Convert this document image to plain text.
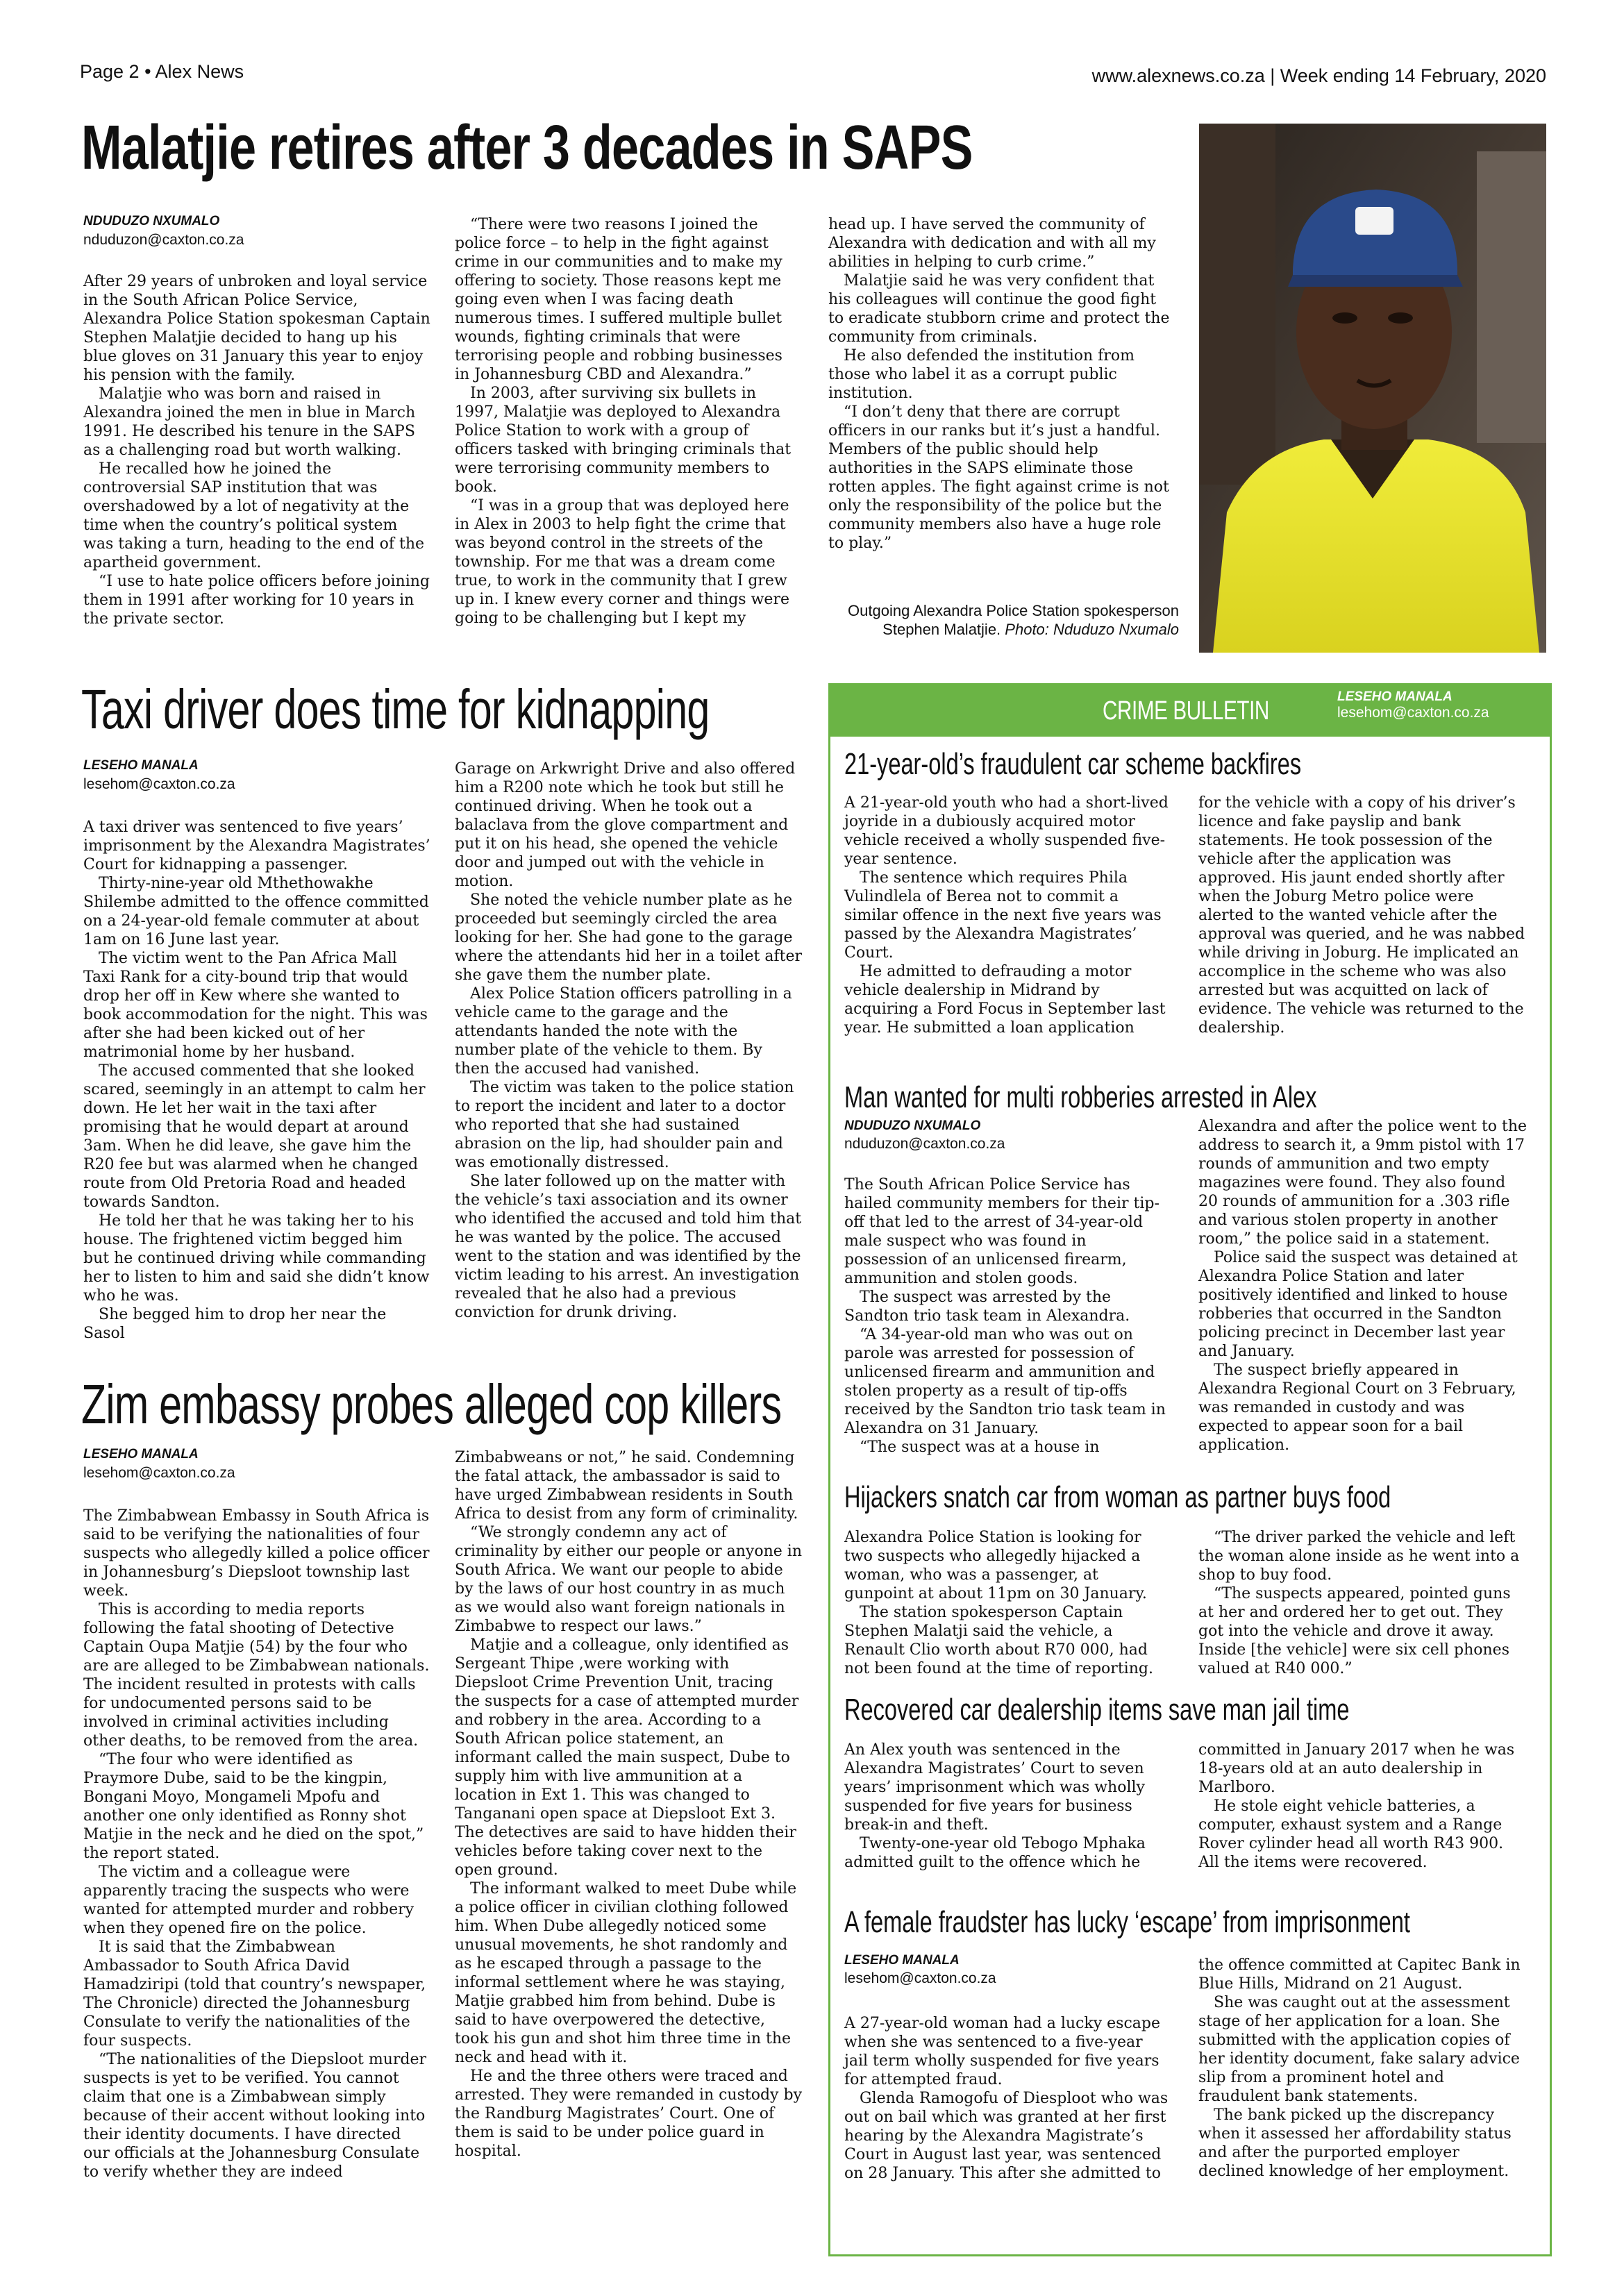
Page 2 • Alex News	www.alexnews.co.za | Week ending 14 February, 2020
Malatjie retires after 3 decades in SAPS
NDUDUZO NXUMALO
nduduzon@caxton.co.za

After 29 years of unbroken and loyal service in the South African Police Service, Alexandra Police Station spokesman Captain Stephen Malatjie decided to hang up his blue gloves on 31 January this year to enjoy his pension with the family.

Malatjie who was born and raised in Alexandra joined the men in blue in March 1991. He described his tenure in the SAPS as a challenging road but worth walking.

He recalled how he joined the controversial SAP institution that was overshadowed by a lot of negativity at the time when the country’s political system was taking a turn, heading to the end of the apartheid government.

“I use to hate police officers before joining them in 1991 after working for 10 years in the private sector.

“There were two reasons I joined the police force – to help in the fight against crime in our communities and to make my offering to society. Those reasons kept me going even when I was facing death numerous times. I suffered multiple bullet wounds, fighting criminals that were terrorising people and robbing businesses in Johannesburg CBD and Alexandra.”

In 2003, after surviving six bullets in 1997, Malatjie was deployed to Alexandra Police Station to work with a group of officers tasked with bringing criminals that were terrorising community members to book.

“I was in a group that was deployed here in Alex in 2003 to help fight the crime that was beyond control in the streets of the township. For me that was a dream come true, to work in the community that I grew up in. I knew every corner and things were going to be challenging but I kept my

head up. I have served the community of Alexandra with dedication and with all my abilities in helping to curb crime.”

Malatjie said he was very confident that his colleagues will continue the good fight to eradicate stubborn crime and protect the community from criminals.

He also defended the institution from those who label it as a corrupt public institution.

“I don’t deny that there are corrupt officers in our ranks but it’s just a handful. Members of the public should help authorities in the SAPS eliminate those rotten apples. The fight against crime is not only the responsibility of the police but the community members also have a huge role to play.”

Outgoing Alexandra Police Station spokesperson Stephen Malatjie. Photo: Nduduzo Nxumalo
Taxi driver does time for kidnapping
LESEHO MANALA
lesehom@caxton.co.za

A taxi driver was sentenced to five years’ imprisonment by the Alexandra Magistrates’ Court for kidnapping a passenger.

Thirty-nine-year old Mthethowakhe Shilembe admitted to the offence committed on a 24-year-old female commuter at about 1am on 16 June last year.

The victim went to the Pan Africa Mall Taxi Rank for a city-bound trip that would drop her off in Kew where she wanted to book accommodation for the night. This was after she had been kicked out of her matrimonial home by her husband.

The accused commented that she looked scared, seemingly in an attempt to calm her down. He let her wait in the taxi after promising that he would depart at around 3am. When he did leave, she gave him the R20 fee but was alarmed when he changed route from Old Pretoria Road and headed towards Sandton.

He told her that he was taking her to his house. The frightened victim begged him but he continued driving while commanding her to listen to him and said she didn’t know who he was.

She begged him to drop her near the Sasol

Garage on Arkwright Drive and also offered him a R200 note which he took but still he continued driving. When he took out a balaclava from the glove compartment and put it on his head, she opened the vehicle door and jumped out with the vehicle in motion.

She noted the vehicle number plate as he proceeded but seemingly circled the area looking for her. She had gone to the garage where the attendants hid her in a toilet after she gave them the number plate.

Alex Police Station officers patrolling in a vehicle came to the garage and the attendants handed the note with the number plate of the vehicle to them. By then the accused had vanished.

The victim was taken to the police station to report the incident and later to a doctor who reported that she had sustained abrasion on the lip, had shoulder pain and was emotionally distressed.

She later followed up on the matter with the vehicle’s taxi association and its owner who identified the accused and told him that he was wanted by the police. The accused went to the station and was identified by the victim leading to his arrest. An investigation revealed that he also had a previous conviction for drunk driving.

Zim embassy probes alleged cop killers
LESEHO MANALA
lesehom@caxton.co.za

The Zimbabwean Embassy in South Africa is said to be verifying the nationalities of four suspects who allegedly killed a police officer in Johannesburg’s Diepsloot township last week.

This is according to media reports following the fatal shooting of Detective Captain Oupa Matjie (54) by the four who are are alleged to be Zimbabwean nationals. The incident resulted in protests with calls for undocumented persons said to be involved in criminal activities including other deaths, to be removed from the area.

“The four who were identified as Praymore Dube, said to be the kingpin, Bongani Moyo, Mongameli Mpofu and another one only identified as Ronny shot Matjie in the neck and he died on the spot,” the report stated.

The victim and a colleague were apparently tracing the suspects who were wanted for attempted murder and robbery when they opened fire on the police.

It is said that the Zimbabwean Ambassador to South Africa David Hamadziripi (told that country’s newspaper, The Chronicle) directed the Johannesburg Consulate to verify the nationalities of the four suspects.

“The nationalities of the Diepsloot murder suspects is yet to be verified. You cannot claim that one is a Zimbabwean simply because of their accent without looking into their identity documents. I have directed our officials at the Johannesburg Consulate to verify whether they are indeed

Zimbabweans or not,” he said. Condemning the fatal attack, the ambassador is said to have urged Zimbabwean residents in South Africa to desist from any form of criminality.

“We strongly condemn any act of criminality by either our people or anyone in South Africa. We want our people to abide by the laws of our host country in as much as we would also want foreign nationals in Zimbabwe to respect our laws.”

Matjie and a colleague, only identified as Sergeant Thipe ,were working with Diepsloot Crime Prevention Unit, tracing the suspects for a case of attempted murder and robbery in the area. According to a South African police statement, an informant called the main suspect, Dube to supply him with live ammunition at a location in Ext 1. This was changed to Tanganani open space at Diepsloot Ext 3. The detectives are said to have hidden their vehicles before taking cover next to the open ground.

The informant walked to meet Dube while a police officer in civilian clothing followed him. When Dube allegedly noticed some unusual movements, he shot randomly and as he escaped through a passage to the informal settlement where he was staying, Matjie grabbed him from behind. Dube is said to have overpowered the detective, took his gun and shot him three time in the neck and head with it.

He and the three others were traced and arrested. They were remanded in custody by the Randburg Magistrates’ Court. One of them is said to be under police guard in hospital.

CRIME BULLETIN	LESEHO MANALA
lesehom@caxton.co.za
21-year-old’s fraudulent car scheme backfires

A 21-year-old youth who had a short-lived joyride in a dubiously acquired motor vehicle received a wholly suspended five-year sentence.

The sentence which requires Phila Vulindlela of Berea not to commit a similar offence in the next five years was passed by the Alexandra Magistrates’ Court.

He admitted to defrauding a motor vehicle dealership in Midrand by acquiring a Ford Focus in September last year. He submitted a loan application

for the vehicle with a copy of his driver’s licence and fake payslip and bank statements. He took possession of the vehicle after the application was approved. His jaunt ended shortly after when the Joburg Metro police were alerted to the wanted vehicle after the approval was queried, and he was nabbed while driving in Joburg. He implicated an accomplice in the scheme who was also arrested but was acquitted on lack of evidence. The vehicle was returned to the dealership.

Man wanted for multi robberies arrested in Alex
NDUDUZO NXUMALO
nduduzon@caxton.co.za

The South African Police Service has hailed community members for their tip-off that led to the arrest of 34-year-old male suspect who was found in possession of an unlicensed firearm, ammunition and stolen goods.

The suspect was arrested by the Sandton trio task team in Alexandra.

“A 34-year-old man who was out on parole was arrested for possession of unlicensed firearm and ammunition and stolen property as a result of tip-offs received by the Sandton trio task team in Alexandra on 31 January.

“The suspect was at a house in

Alexandra and after the police went to the address to search it, a 9mm pistol with 17 rounds of ammunition and two empty magazines were found. They also found 20 rounds of ammunition for a .303 rifle and various stolen property in another room,” the police said in a statement.

Police said the suspect was detained at Alexandra Police Station and later positively identified and linked to house robberies that occurred in the Sandton policing precinct in December last year and January.

The suspect briefly appeared in Alexandra Regional Court on 3 February, was remanded in custody and was expected to appear soon for a bail application.

Hijackers snatch car from woman as partner buys food

Alexandra Police Station is looking for two suspects who allegedly hijacked a woman, who was a passenger, at gunpoint at about 11pm on 30 January.

The station spokesperson Captain Stephen Malatji said the vehicle, a Renault Clio worth about R70 000, had not been found at the time of reporting.

“The driver parked the vehicle and left the woman alone inside as he went into a shop to buy food.

“The suspects appeared, pointed guns at her and ordered her to get out. They got into the vehicle and drove it away. Inside [the vehicle] were six cell phones valued at R40 000.”

Recovered car dealership items save man jail time

An Alex youth was sentenced in the Alexandra Magistrates’ Court to seven years’ imprisonment which was wholly suspended for five years for business break-in and theft.

Twenty-one-year old Tebogo Mphaka admitted guilt to the offence which he

committed in January 2017 when he was 18-years old at an auto dealership in Marlboro.

He stole eight vehicle batteries, a computer, exhaust system and a Range Rover cylinder head all worth R43 900. All the items were recovered.

A female fraudster has lucky ‘escape’ from imprisonment
LESEHO MANALA
lesehom@caxton.co.za

A 27-year-old woman had a lucky escape when she was sentenced to a five-year jail term wholly suspended for five years for attempted fraud.

Glenda Ramogofu of Diesploot who was out on bail which was granted at her first hearing by the Alexandra Magistrate’s Court in August last year, was sentenced on 28 January. This after she admitted to

the offence committed at Capitec Bank in Blue Hills, Midrand on 21 August.

She was caught out at the assessment stage of her application for a loan. She submitted with the application copies of her identity document, fake salary advice slip from a prominent hotel and fraudulent bank statements.

The bank picked up the discrepancy when it assessed her affordability status and after the purported employer declined knowledge of her employment.
